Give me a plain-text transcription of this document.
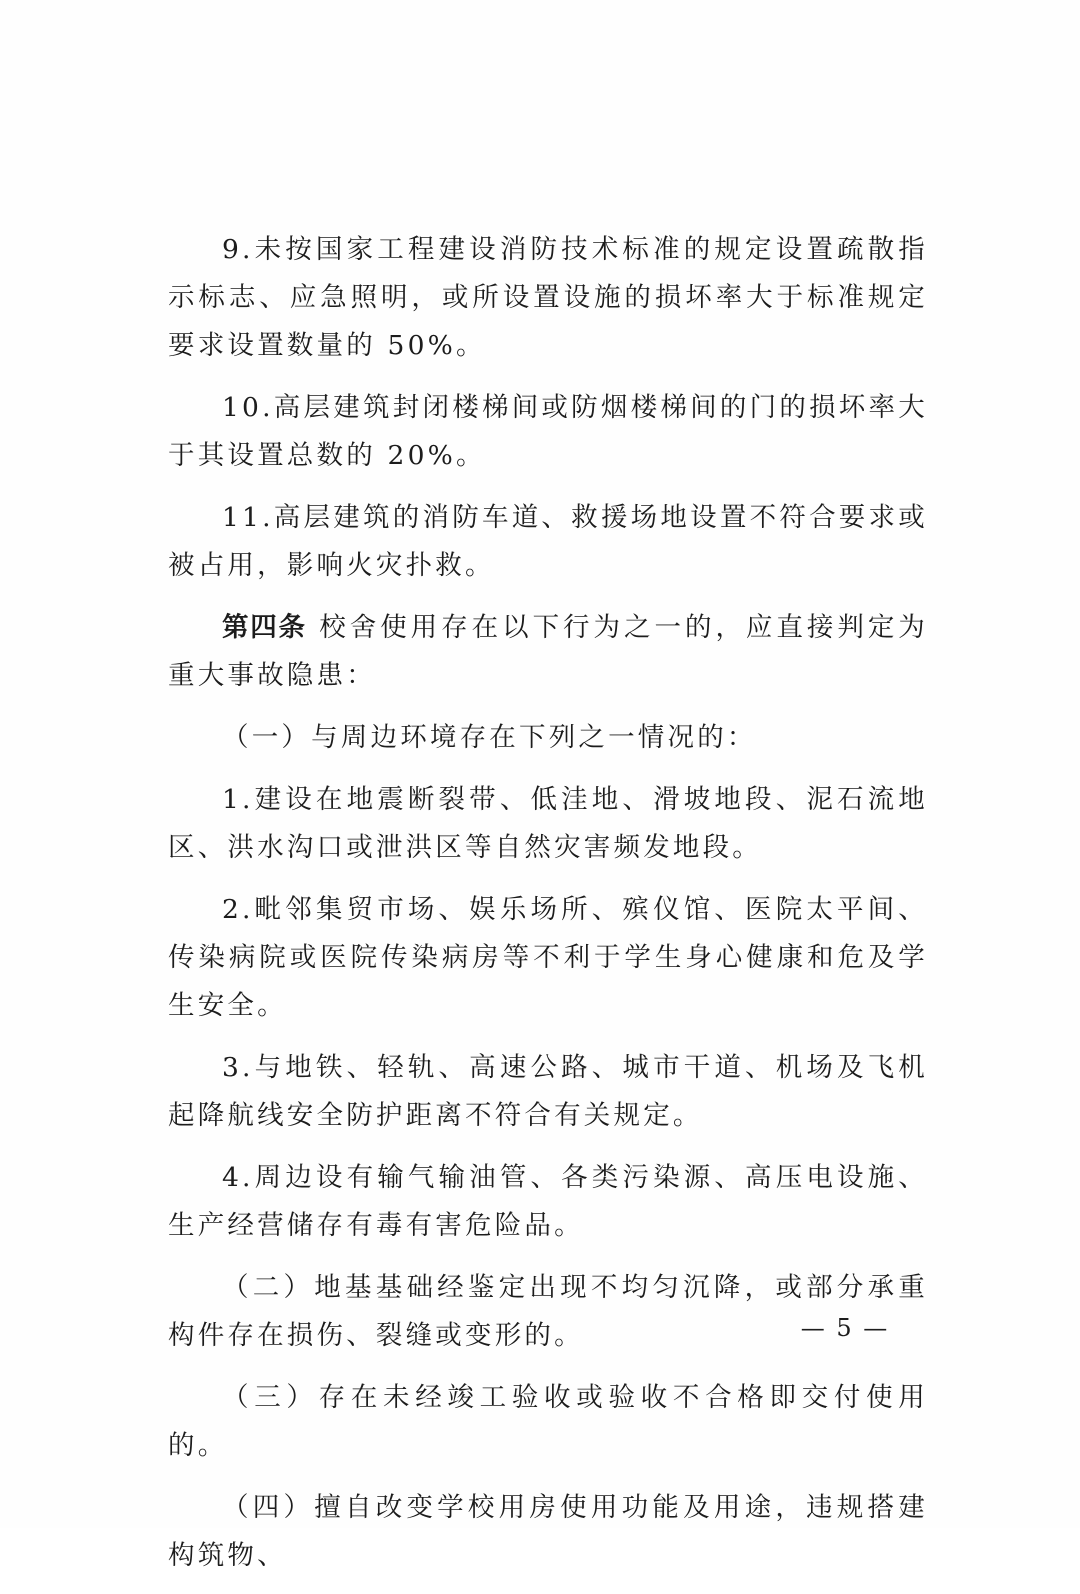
9.未按国家工程建设消防技术标准的规定设置疏散指示标志、应急照明，或所设置设施的损坏率大于标准规定要求设置数量的 50%。

10.高层建筑封闭楼梯间或防烟楼梯间的门的损坏率大于其设置总数的 20%。

11.高层建筑的消防车道、救援场地设置不符合要求或被占用，影响火灾扑救。

第四条 校舍使用存在以下行为之一的，应直接判定为重大事故隐患：

（一）与周边环境存在下列之一情况的：

1.建设在地震断裂带、低洼地、滑坡地段、泥石流地区、洪水沟口或泄洪区等自然灾害频发地段。

2.毗邻集贸市场、娱乐场所、殡仪馆、医院太平间、传染病院或医院传染病房等不利于学生身心健康和危及学生安全。

3.与地铁、轻轨、高速公路、城市干道、机场及飞机起降航线安全防护距离不符合有关规定。

4.周边设有输气输油管、各类污染源、高压电设施、生产经营储存有毒有害危险品。

（二）地基基础经鉴定出现不均匀沉降，或部分承重构件存在损伤、裂缝或变形的。

（三）存在未经竣工验收或验收不合格即交付使用的。

（四）擅自改变学校用房使用功能及用途，违规搭建构筑物、

— 5 —
